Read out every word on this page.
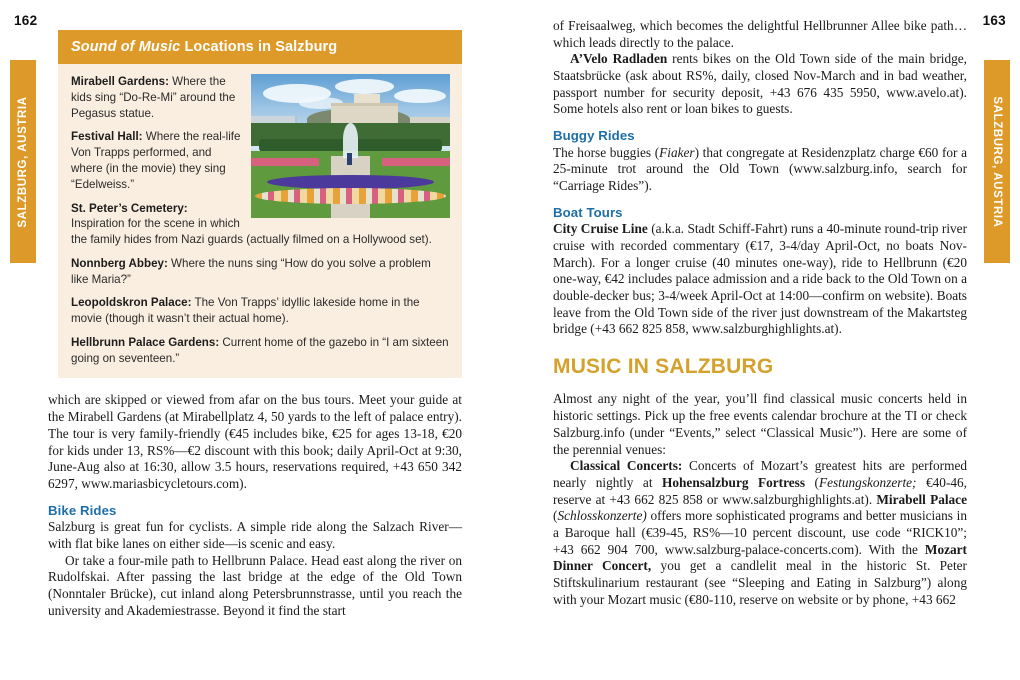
162	163
SALZBURG, AUSTRIA	SALZBURG, AUSTRIA
Sound of Music Locations in Salzburg

Mirabell Gardens: Where the kids sing “Do-Re-Mi” around the Pegasus statue.

Festival Hall: Where the real-life Von Trapps performed, and where (in the movie) they sing “Edelweiss.”

St. Peter’s Cemetery: Inspiration for the scene in which the family hides from Nazi guards (actually filmed on a Hollywood set).

Nonnberg Abbey: Where the nuns sing “How do you solve a problem like Maria?”

Leopoldskron Palace: The Von Trapps’ idyllic lakeside home in the movie (though it wasn’t their actual home).

Hellbrunn Palace Gardens: Current home of the gazebo in “I am sixteen going on seventeen.”

which are skipped or viewed from afar on the bus tours. Meet your guide at the Mirabell Gardens (at Mirabellplatz 4, 50 yards to the left of palace entry). The tour is very family-friendly (€45 includes bike, €25 for ages 13-18, €20 for kids under 13, RS%—€2 discount with this book; daily April-Oct at 9:30, June-Aug also at 16:30, allow 3.5 hours, reservations required, +43 650 342 6297, www.mariasbicycletours.com).

Bike Rides

Salzburg is great fun for cyclists. A simple ride along the Salzach River—with flat bike lanes on either side—is scenic and easy.

Or take a four-mile path to Hellbrunn Palace. Head east along the river on Rudolfskai. After passing the last bridge at the edge of the Old Town (Nonntaler Brücke), cut inland along Petersbrunnstrasse, until you reach the university and Akademiestrasse. Beyond it find the start

of Freisaalweg, which becomes the delightful Hellbrunner Allee bike path…which leads directly to the palace.

A’Velo Radladen rents bikes on the Old Town side of the main bridge, Staatsbrücke (ask about RS%, daily, closed Nov-March and in bad weather, passport number for security deposit, +43 676 435 5950, www.avelo.at). Some hotels also rent or loan bikes to guests.

Buggy Rides

The horse buggies (Fiaker) that congregate at Residenzplatz charge €60 for a 25-minute trot around the Old Town (www.salzburg.info, search for “Carriage Rides”).

Boat Tours

City Cruise Line (a.k.a. Stadt Schiff-Fahrt) runs a 40-minute round-trip river cruise with recorded commentary (€17, 3-4/day April-Oct, no boats Nov-March). For a longer cruise (40 minutes one-way), ride to Hellbrunn (€20 one-way, €42 includes palace admission and a ride back to the Old Town on a double-decker bus; 3-4/week April-Oct at 14:00—confirm on website). Boats leave from the Old Town side of the river just downstream of the Makartsteg bridge (+43 662 825 858, www.salzburghighlights.at).

MUSIC IN SALZBURG

Almost any night of the year, you’ll find classical music concerts held in historic settings. Pick up the free events calendar brochure at the TI or check Salzburg.info (under “Events,” select “Classical Music”). Here are some of the perennial venues:

Classical Concerts: Concerts of Mozart’s greatest hits are performed nearly nightly at Hohensalzburg Fortress (Festungskonzerte; €40-46, reserve at +43 662 825 858 or www.salzburghighlights.at). Mirabell Palace (Schlosskonzerte) offers more sophisticated programs and better musicians in a Baroque hall (€39-45, RS%—10 percent discount, use code “RICK10”; +43 662 904 700, www.salzburg-palace-concerts.com). With the Mozart Dinner Concert, you get a candlelit meal in the historic St. Peter Stiftskulinarium restaurant (see “Sleeping and Eating in Salzburg”) along with your Mozart music (€80-110, reserve on website or by phone, +43 662
